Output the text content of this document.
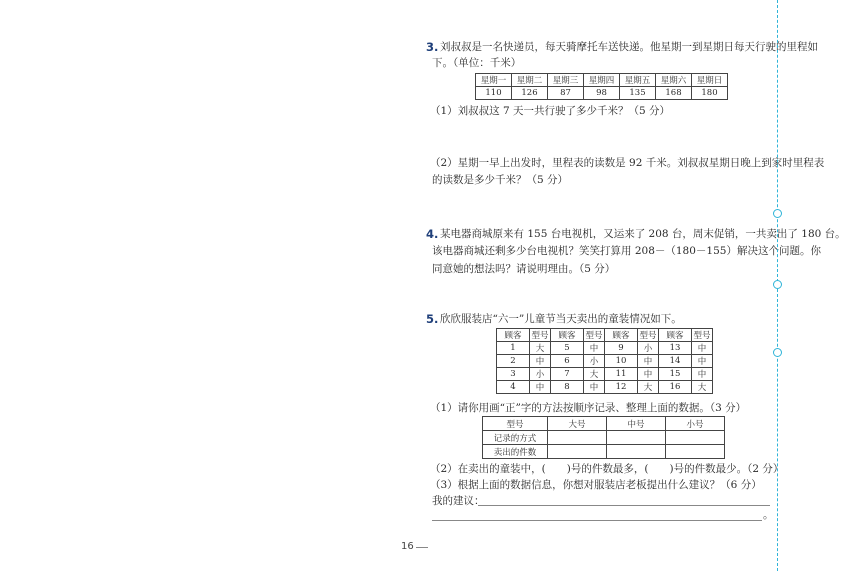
3. 刘叔叔是一名快递员，每天骑摩托车送快递。他星期一到星期日每天行驶的里程如
下。（单位：千米）
星期一	星期二	星期三	星期四	星期五	星期六	星期日
110	126	87	98	135	168	180
（1）刘叔叔这 7 天一共行驶了多少千米？（5 分）
（2）星期一早上出发时，里程表的读数是 92 千米。刘叔叔星期日晚上到家时里程表
的读数是多少千米？（5 分）
4. 某电器商城原来有 155 台电视机，又运来了 208 台，周末促销，一共卖出了 180 台。
该电器商城还剩多少台电视机？笑笑打算用 208－（180－155）解决这个问题。你
同意她的想法吗？请说明理由。（5 分）
5. 欣欣服装店“六一”儿童节当天卖出的童装情况如下。
顾客	型号	顾客	型号	顾客	型号	顾客	型号
1	大	5	中	9	小	13	中
2	中	6	小	10	中	14	中
3	小	7	大	11	中	15	中
4	中	8	中	12	大	16	大
（1）请你用画“正”字的方法按顺序记录、整理上面的数据。（3 分）
型号	大号	中号	小号
记录的方式			
卖出的件数			
（2）在卖出的童装中，(　　)号的件数最多，(　　)号的件数最少。（2 分）
（3）根据上面的数据信息，你想对服装店老板提出什么建议？（6 分）
我的建议：
。
16
